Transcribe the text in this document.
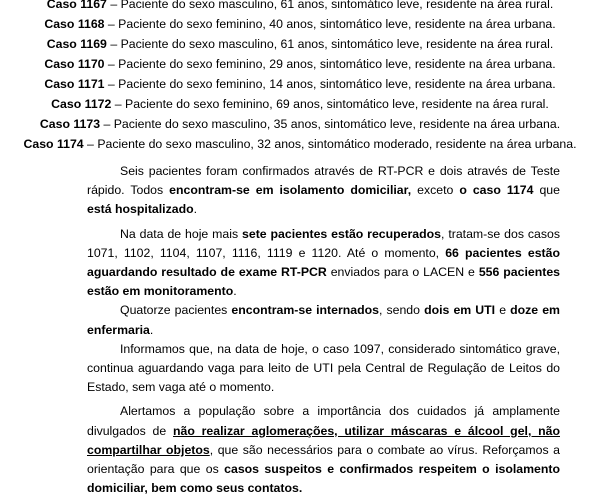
Caso 1167 – Paciente do sexo masculino, 61 anos, sintomático leve, residente na área rural.
Caso 1168 – Paciente do sexo feminino, 40 anos, sintomático leve, residente na área urbana.
Caso 1169 – Paciente do sexo masculino, 61 anos, sintomático leve, residente na área rural.
Caso 1170 – Paciente do sexo feminino, 29 anos, sintomático leve, residente na área urbana.
Caso 1171 – Paciente do sexo feminino, 14 anos, sintomático leve, residente na área urbana.
Caso 1172 – Paciente do sexo feminino, 69 anos, sintomático leve, residente na área rural.
Caso 1173 – Paciente do sexo masculino, 35 anos, sintomático leve, residente na área urbana.
Caso 1174 – Paciente do sexo masculino, 32 anos, sintomático moderado, residente na área urbana.

Seis pacientes foram confirmados através de RT-PCR e dois através de Teste rápido. Todos encontram-se em isolamento domiciliar, exceto o caso 1174 que está hospitalizado.

Na data de hoje mais sete pacientes estão recuperados, tratam-se dos casos 1071, 1102, 1104, 1107, 1116, 1119 e 1120. Até o momento, 66 pacientes estão aguardando resultado de exame RT-PCR enviados para o LACEN e 556 pacientes estão em monitoramento.

Quatorze pacientes encontram-se internados, sendo dois em UTI e doze em enfermaria.

Informamos que, na data de hoje, o caso 1097, considerado sintomático grave, continua aguardando vaga para leito de UTI pela Central de Regulação de Leitos do Estado, sem vaga até o momento.

Alertamos a população sobre a importância dos cuidados já amplamente divulgados de não realizar aglomerações, utilizar máscaras e álcool gel, não compartilhar objetos, que são necessários para o combate ao vírus. Reforçamos a orientação para que os casos suspeitos e confirmados respeitem o isolamento domiciliar, bem como seus contatos.
